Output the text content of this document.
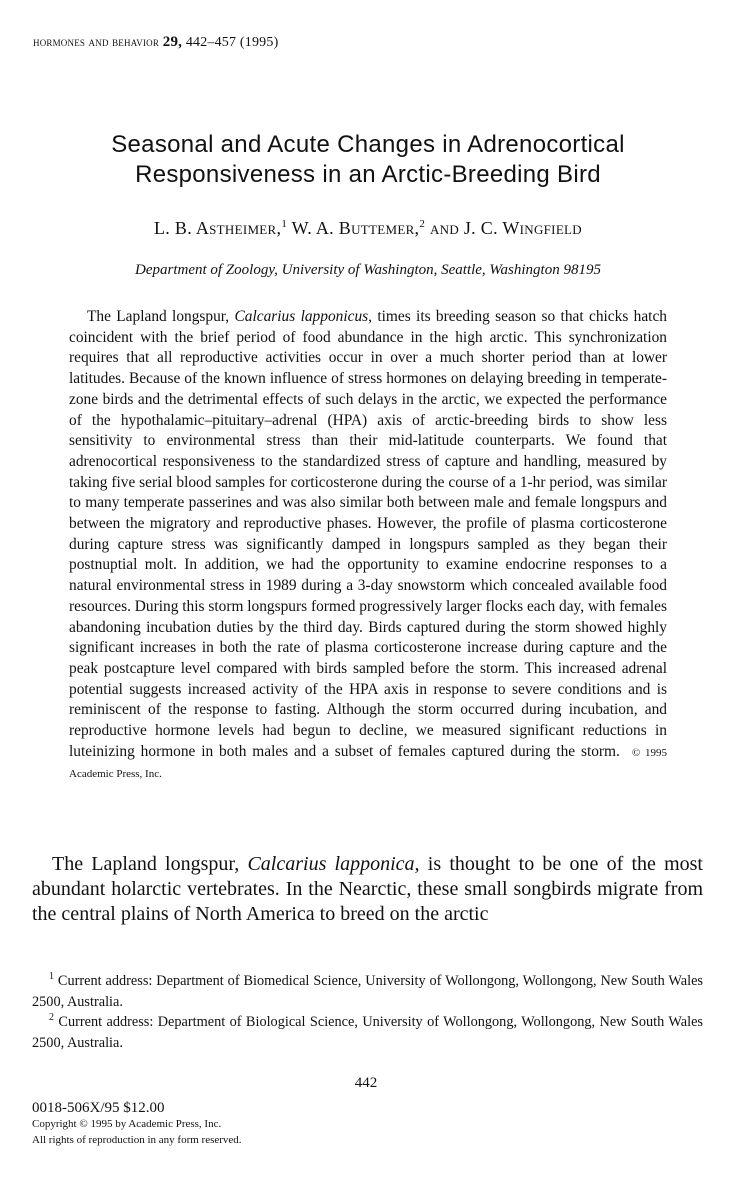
hormones and behavior 29, 442–457 (1995)
Seasonal and Acute Changes in Adrenocortical
Responsiveness in an Arctic-Breeding Bird
L. B. Astheimer,$^1$ W. A. Buttemer,$^2$ and J. C. Wingfield
Department of Zoology, University of Washington, Seattle, Washington 98195

The Lapland longspur, Calcarius lapponicus, times its breeding season so that chicks hatch coincident with the brief period of food abundance in the high arctic. This synchronization requires that all reproductive activities occur in over a much shorter period than at lower latitudes. Because of the known influence of stress hormones on delaying breeding in temperate-zone birds and the detrimental effects of such delays in the arctic, we expected the performance of the hypothalamic–pituitary–adrenal (HPA) axis of arctic-breeding birds to show less sensitivity to environmental stress than their mid-latitude counterparts. We found that adrenocortical responsiveness to the standardized stress of capture and handling, measured by taking five serial blood samples for corticosterone during the course of a 1-hr period, was similar to many temperate passerines and was also similar both between male and female longspurs and between the migratory and reproductive phases. However, the profile of plasma corticosterone during capture stress was significantly damped in longspurs sampled as they began their postnuptial molt. In addition, we had the opportunity to examine endocrine responses to a natural environmental stress in 1989 during a 3-day snowstorm which concealed available food resources. During this storm longspurs formed progressively larger flocks each day, with females abandoning incubation duties by the third day. Birds captured during the storm showed highly significant increases in both the rate of plasma corticosterone increase during capture and the peak postcapture level compared with birds sampled before the storm. This increased adrenal potential suggests increased activity of the HPA axis in response to severe conditions and is reminiscent of the response to fasting. Although the storm occurred during incubation, and reproductive hormone levels had begun to decline, we measured significant reductions in luteinizing hormone in both males and a subset of females captured during the storm. © 1995 Academic Press, Inc.

The Lapland longspur, Calcarius lapponica, is thought to be one of the most abundant holarctic vertebrates. In the Nearctic, these small songbirds migrate from the central plains of North America to breed on the arctic

$^1$ Current address: Department of Biomedical Science, University of Wollongong, Wollongong, New South Wales 2500, Australia.

$^2$ Current address: Department of Biological Science, University of Wollongong, Wollongong, New South Wales 2500, Australia.

442
0018-506X/95 $12.00
Copyright © 1995 by Academic Press, Inc.
All rights of reproduction in any form reserved.
